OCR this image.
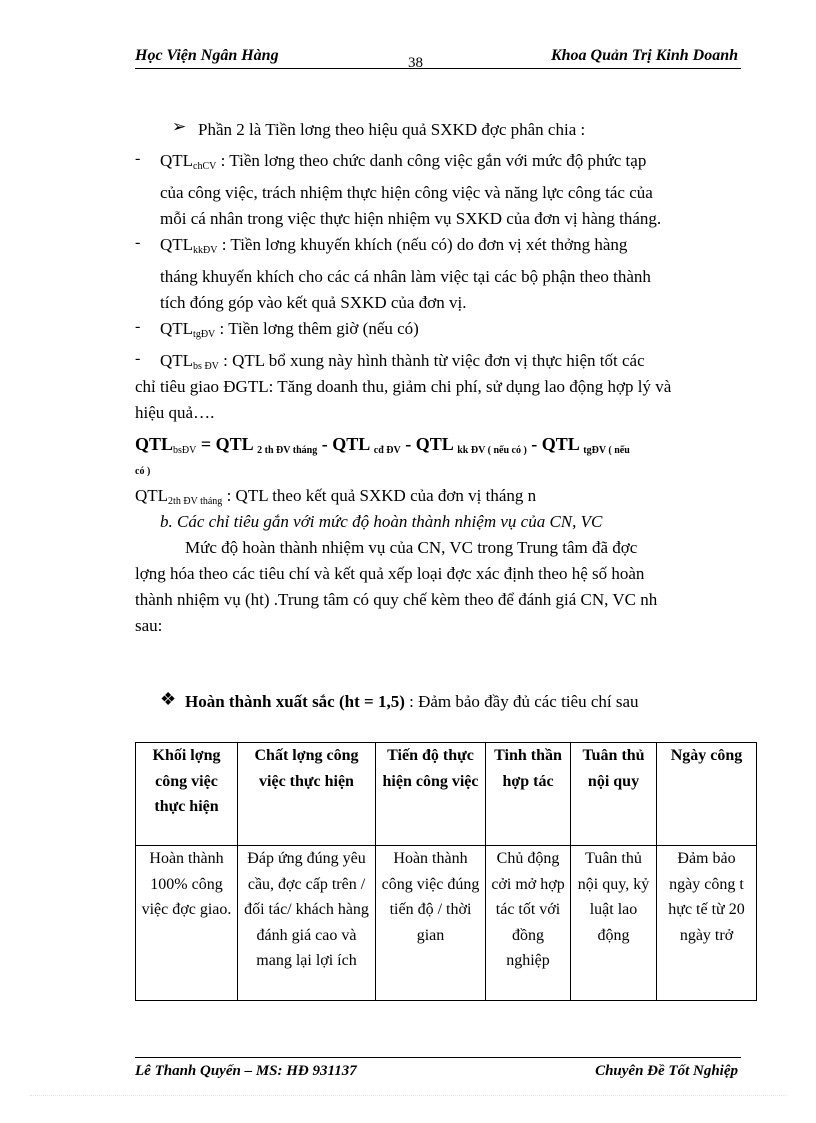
Học Viện Ngân Hàng	38	Khoa Quản Trị Kinh Doanh
➢ Phần 2 là Tiền lơng theo hiệu quả SXKD đợc phân chia :
- $QTL_{chCV}$ : Tiền lơng theo chức danh công việc gắn với mức độ phức tạp
của công việc, trách nhiệm thực hiện công việc và năng lực công tác của
mỗi cá nhân trong việc thực hiện nhiệm vụ SXKD của đơn vị hàng tháng.
- $QTL_{kkĐV}$ : Tiền lơng khuyến khích (nếu có) do đơn vị xét thởng hàng
tháng khuyến khích cho các cá nhân làm việc tại các bộ phận theo thành
tích đóng góp vào kết quả SXKD của đơn vị.
- $QTL_{tgĐV}$ : Tiền lơng thêm giờ (nếu có)
- $QTL_{bs ĐV}$ : QTL bổ xung này hình thành từ việc đơn vị thực hiện tốt các
chỉ tiêu giao ĐGTL: Tăng doanh thu, giảm chi phí, sử dụng lao động hợp lý và
hiệu quả….
$QTL_{bsĐV}$ = QTL $_{2 th ĐV tháng}$ - QTL $_{cđ ĐV}$ - QTL $_{kk ĐV ( nếu có )}$ - QTL $_{tgĐV ( nếu}$
có )
$QTL_{2th ĐV tháng}$ : QTL theo kết quả SXKD của đơn vị tháng n
b. Các chỉ tiêu gắn với mức độ hoàn thành nhiệm vụ của CN, VC
Mức độ hoàn thành nhiệm vụ của CN, VC trong Trung tâm đã đợc
lợng hóa theo các tiêu chí và kết quả xếp loại đợc xác định theo hệ số hoàn
thành nhiệm vụ (ht) .Trung tâm có quy chế kèm theo để đánh giá CN, VC nh
sau:
❖ Hoàn thành xuất sắc (ht = 1,5) : Đảm bảo đầy đủ các tiêu chí sau
Khối lợng công việc thực hiện	Chất lợng công việc thực hiện	Tiến độ thực hiện công việc	Tinh thần hợp tác	Tuân thủ nội quy	Ngày công
Hoàn thành 100% công việc đợc giao.	Đáp ứng đúng yêu cầu, đợc cấp trên /đối tác/ khách hàng đánh giá cao và mang lại lợi ích	Hoàn thành công việc đúng tiến độ / thời gian	Chủ động cởi mở hợp tác tốt với đồng nghiệp	Tuân thủ nội quy, kỷ luật lao động	Đảm bảo ngày công t hực tế từ 20 ngày trở
Lê Thanh Quyến – MS: HĐ 931137	Chuyên Đề Tốt Nghiệp
